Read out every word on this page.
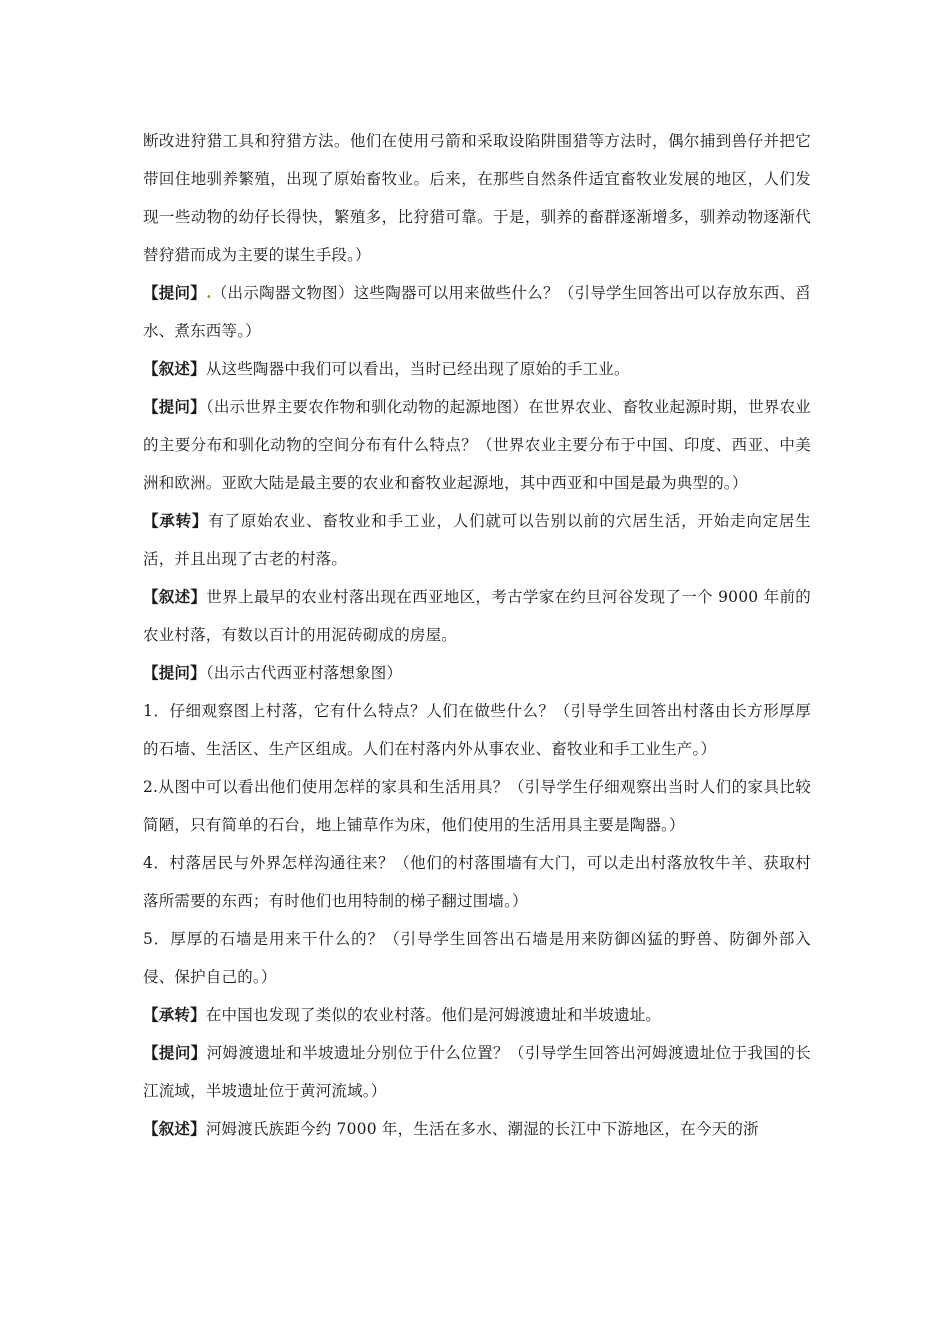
断改进狩猎工具和狩猎方法。他们在使用弓箭和采取设陷阱围猎等方法时，偶尔捕到兽仔并把它带回住地驯养繁殖，出现了原始畜牧业。后来，在那些自然条件适宜畜牧业发展的地区，人们发现一些动物的幼仔长得快，繁殖多，比狩猎可靠。于是，驯养的畜群逐渐增多，驯养动物逐渐代替狩猎而成为主要的谋生手段。）

【提问】.（出示陶器文物图）这些陶器可以用来做些什么？（引导学生回答出可以存放东西、舀水、煮东西等。）

【叙述】从这些陶器中我们可以看出，当时已经出现了原始的手工业。

【提问】（出示世界主要农作物和驯化动物的起源地图）在世界农业、畜牧业起源时期，世界农业的主要分布和驯化动物的空间分布有什么特点？（世界农业主要分布于中国、印度、西亚、中美洲和欧洲。亚欧大陆是最主要的农业和畜牧业起源地，其中西亚和中国是最为典型的。）

【承转】有了原始农业、畜牧业和手工业，人们就可以告别以前的穴居生活，开始走向定居生活，并且出现了古老的村落。

【叙述】世界上最早的农业村落出现在西亚地区，考古学家在约旦河谷发现了一个 9000 年前的农业村落，有数以百计的用泥砖砌成的房屋。

【提问】（出示古代西亚村落想象图）

1．仔细观察图上村落，它有什么特点？人们在做些什么？（引导学生回答出村落由长方形厚厚的石墙、生活区、生产区组成。人们在村落内外从事农业、畜牧业和手工业生产。）

2.从图中可以看出他们使用怎样的家具和生活用具？（引导学生仔细观察出当时人们的家具比较简陋，只有简单的石台，地上铺草作为床，他们使用的生活用具主要是陶器。）

4．村落居民与外界怎样沟通往来？（他们的村落围墙有大门，可以走出村落放牧牛羊、获取村落所需要的东西；有时他们也用特制的梯子翻过围墙。）

5．厚厚的石墙是用来干什么的？（引导学生回答出石墙是用来防御凶猛的野兽、防御外部入侵、保护自己的。）

【承转】在中国也发现了类似的农业村落。他们是河姆渡遗址和半坡遗址。

【提问】河姆渡遗址和半坡遗址分别位于什么位置？（引导学生回答出河姆渡遗址位于我国的长江流域，半坡遗址位于黄河流域。）

【叙述】河姆渡氏族距今约 7000 年，生活在多水、潮湿的长江中下游地区，在今天的浙
